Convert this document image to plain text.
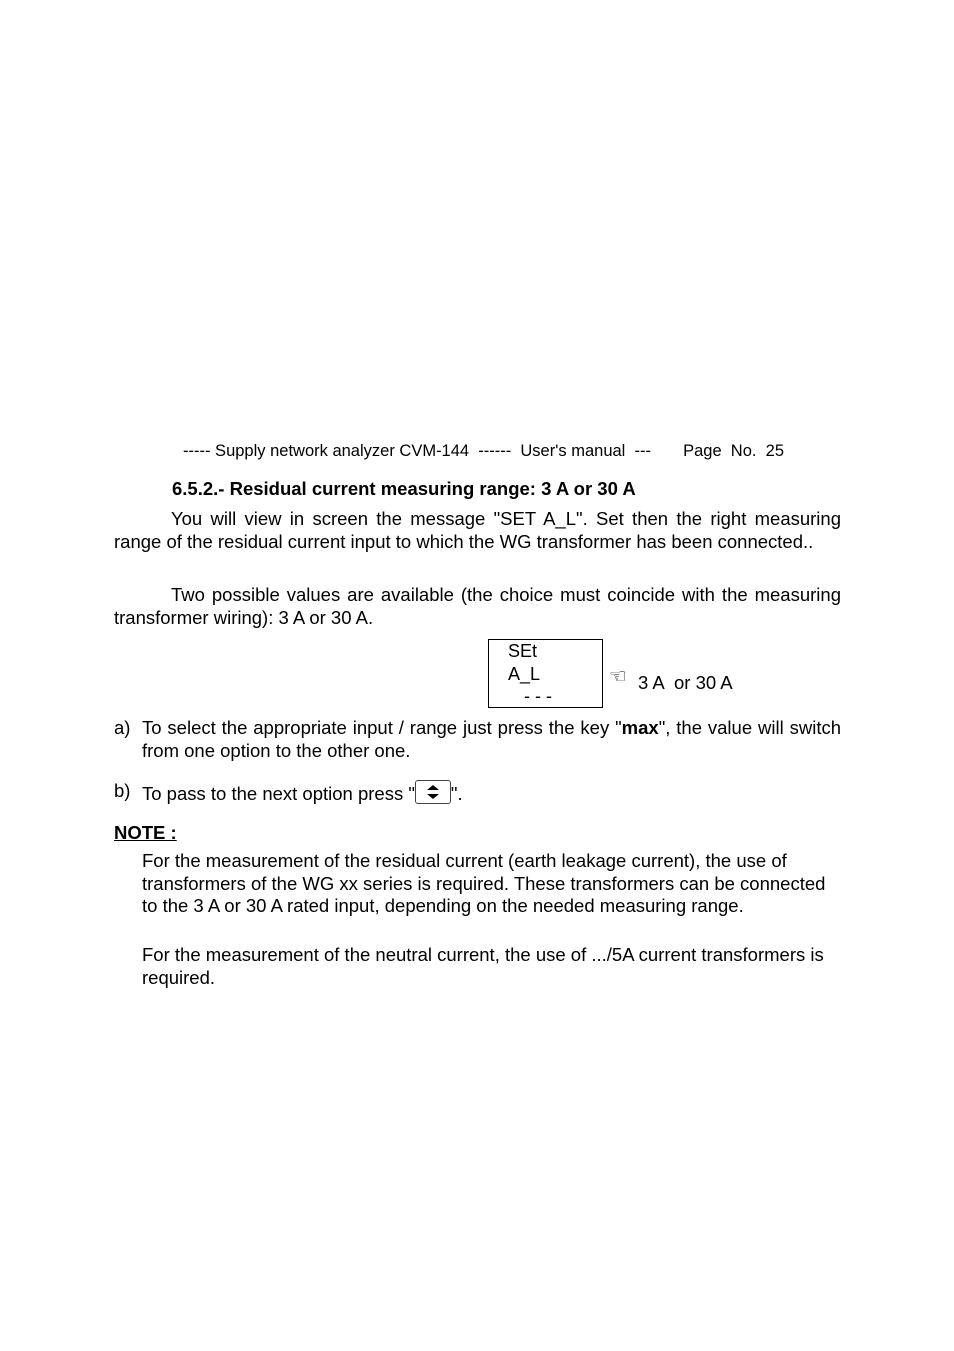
----- Supply network analyzer CVM-144  ------  User's manual  --- Page  No.  25
6.5.2.- Residual current measuring range: 3 A or 30 A
You will view in screen the message "SET A_L". Set then the right measuring range of the residual current input to which the WG transformer has been connected..
Two possible values are available (the choice must coincide with the measuring transformer wiring): 3 A or 30 A.
SEt
A_L
- - -
☜ 3 A  or 30 A
a) To select the appropriate input / range just press the key "max", the value will switch from one option to the other one.
b) To pass to the next option press " ".
NOTE :
For the measurement of the residual current (earth leakage current), the use of transformers of the WG xx series is required. These transformers can be connected to the 3 A or 30 A rated input, depending on the needed measuring range.
For the measurement of the neutral current, the use of .../5A current transformers is required.
